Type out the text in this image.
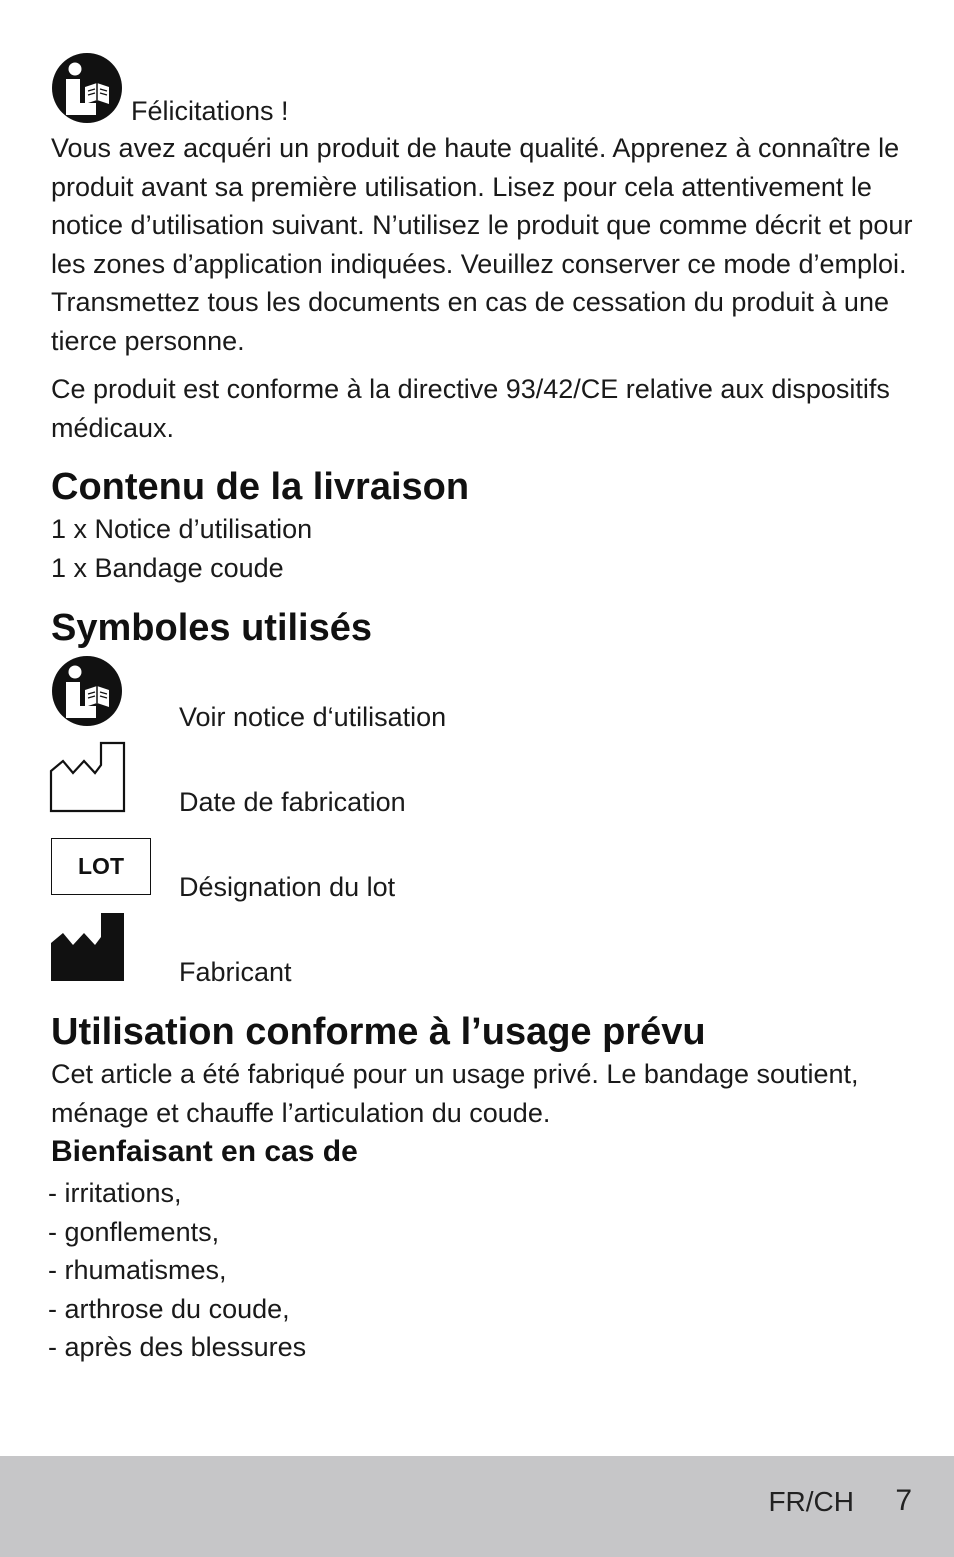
Félicitations !

Vous avez acquéri un produit de haute qualité. Apprenez à connaître le produit avant sa première utilisation. Lisez pour cela attentivement le notice d’utilisation suivant. N’utilisez le produit que comme décrit et pour les zones d’application indiquées. Veuillez conserver ce mode d’emploi. Transmettez tous les documents en cas de cessation du produit à une tierce personne.

Ce produit est conforme à la directive 93/42/CE relative aux dispositifs médicaux.

Contenu de la livraison
1 x Notice d’utilisation
1 x Bandage coude
Symboles utilisés
Voir notice d‘utilisation
Date de fabrication
LOT
Désignation du lot
Fabricant
Utilisation conforme à l’usage prévu
Cet article a été fabriqué pour un usage privé. Le bandage soutient, ménage et chauffe l’articulation du coude.
Bienfaisant en cas de
- irritations,
- gonflements,
- rhumatismes,
- arthrose du coude,
- après des blessures
FR/CH 7
